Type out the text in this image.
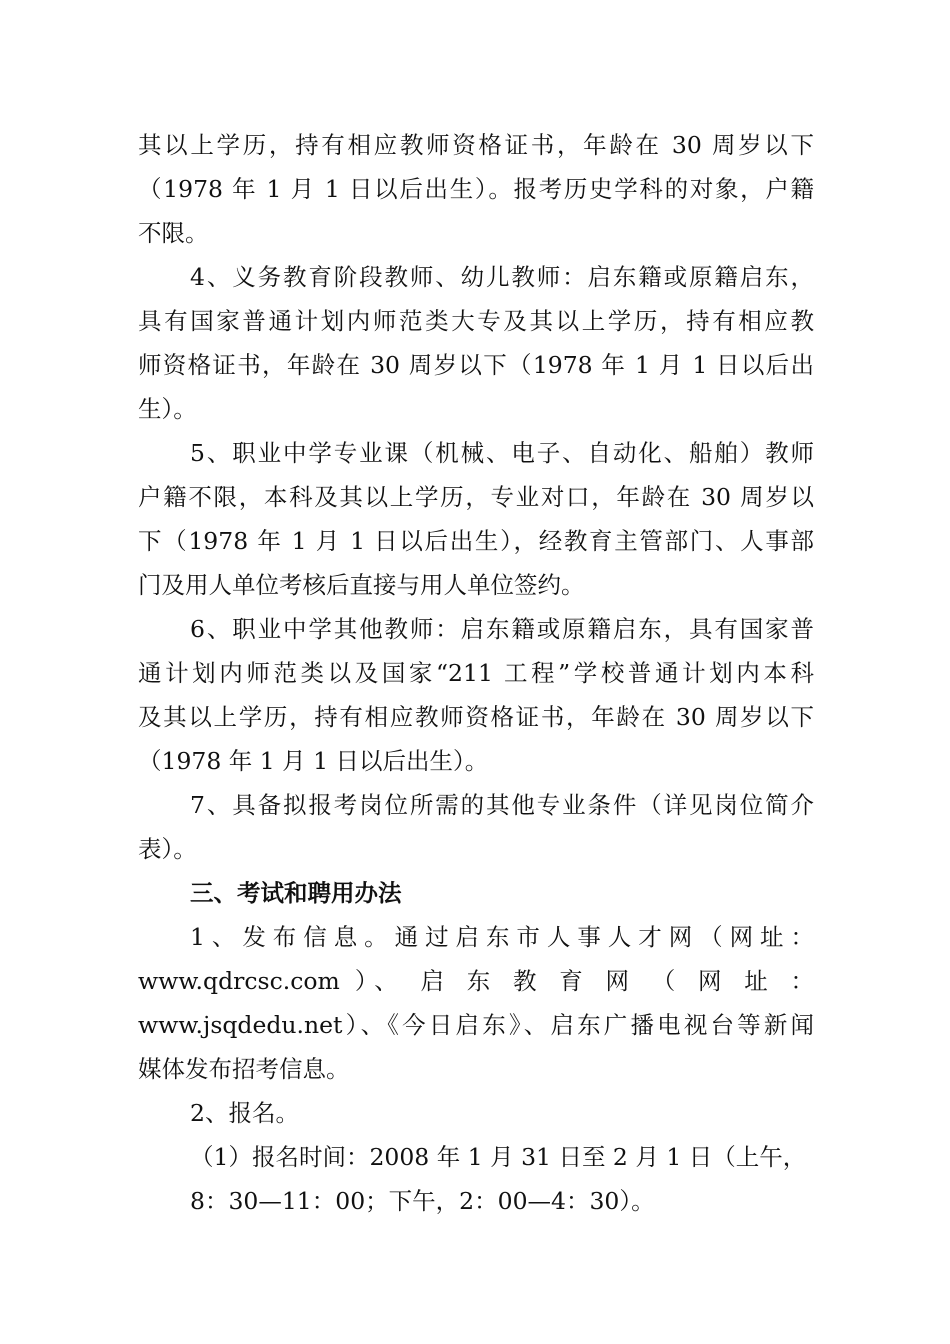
其以上学历，持有相应教师资格证书，年龄在 30 周岁以下
（1978 年 1 月 1 日以后出生）。报考历史学科的对象，户籍
不限。
4、义务教育阶段教师、幼儿教师：启东籍或原籍启东，
具有国家普通计划内师范类大专及其以上学历，持有相应教
师资格证书，年龄在 30 周岁以下（1978 年 1 月 1 日以后出
生）。
5、职业中学专业课（机械、电子、自动化、船舶）教师
户籍不限，本科及其以上学历，专业对口，年龄在 30 周岁以
下（1978 年 1 月 1 日以后出生），经教育主管部门、人事部
门及用人单位考核后直接与用人单位签约。
6、职业中学其他教师：启东籍或原籍启东，具有国家普
通计划内师范类以及国家“211 工程”学校普通计划内本科
及其以上学历，持有相应教师资格证书，年龄在 30 周岁以下
（1978 年 1 月 1 日以后出生）。
7、具备拟报考岗位所需的其他专业条件（详见岗位简介
表）。
三、考试和聘用办法
1、发布信息。通过启东市人事人才网（网址：
www.qdrcsc.com ）、 启 东 教 育 网 （ 网 址 ：
www.jsqdedu.net）、《今日启东》、启东广播电视台等新闻
媒体发布招考信息。
2、报名。
（1）报名时间：2008 年 1 月 31 日至 2 月 1 日（上午，
8：30—11：00；下午，2：00—4：30）。
